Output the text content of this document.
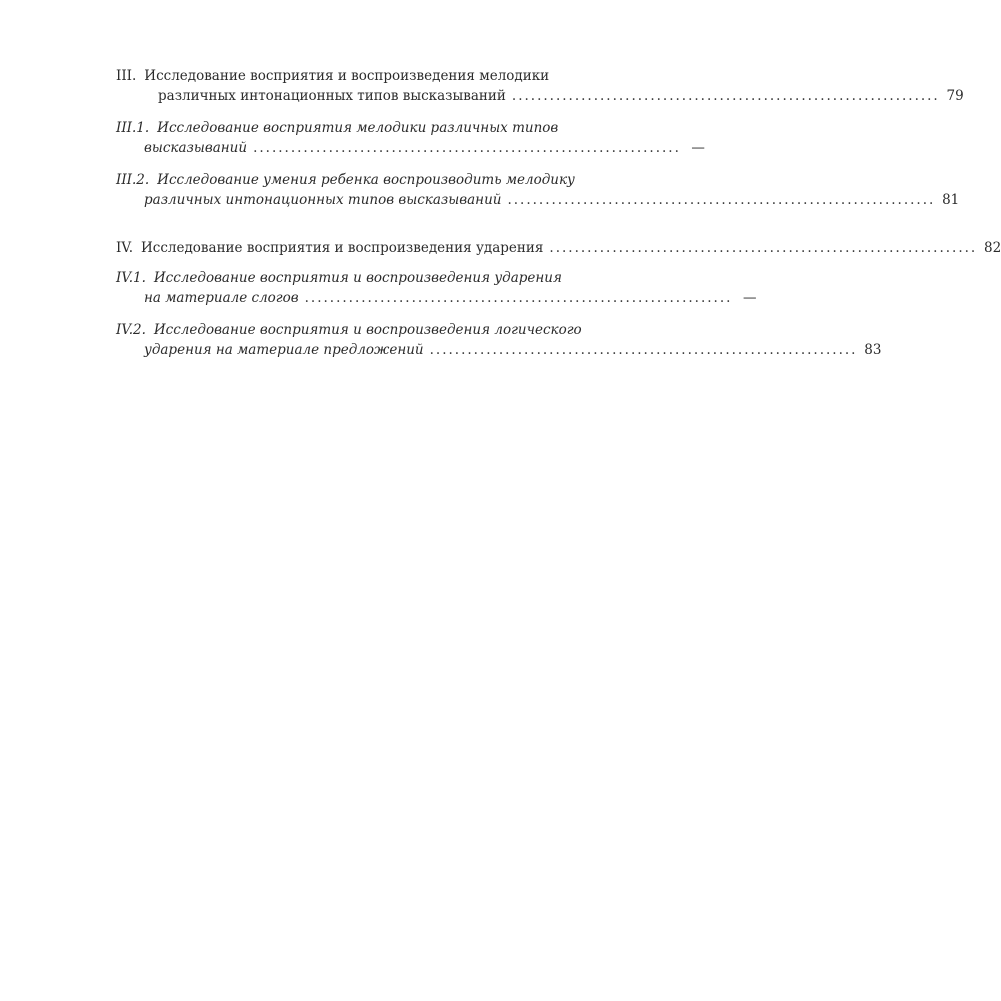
III. Исследование восприятия и воспроизведения мелодики
различных интонационных типов высказываний .................................................................... 79
III.1. Исследование восприятия мелодики различных типов
высказываний .................................................................... —
III.2. Исследование умения ребенка воспроизводить мелодику
различных интонационных типов высказываний .................................................................... 81
IV. Исследование восприятия и воспроизведения ударения .................................................................... 82
IV.1. Исследование восприятия и воспроизведения ударения
на материале слогов .................................................................... —
IV.2. Исследование восприятия и воспроизведения логического
ударения на материале предложений .................................................................... 83
